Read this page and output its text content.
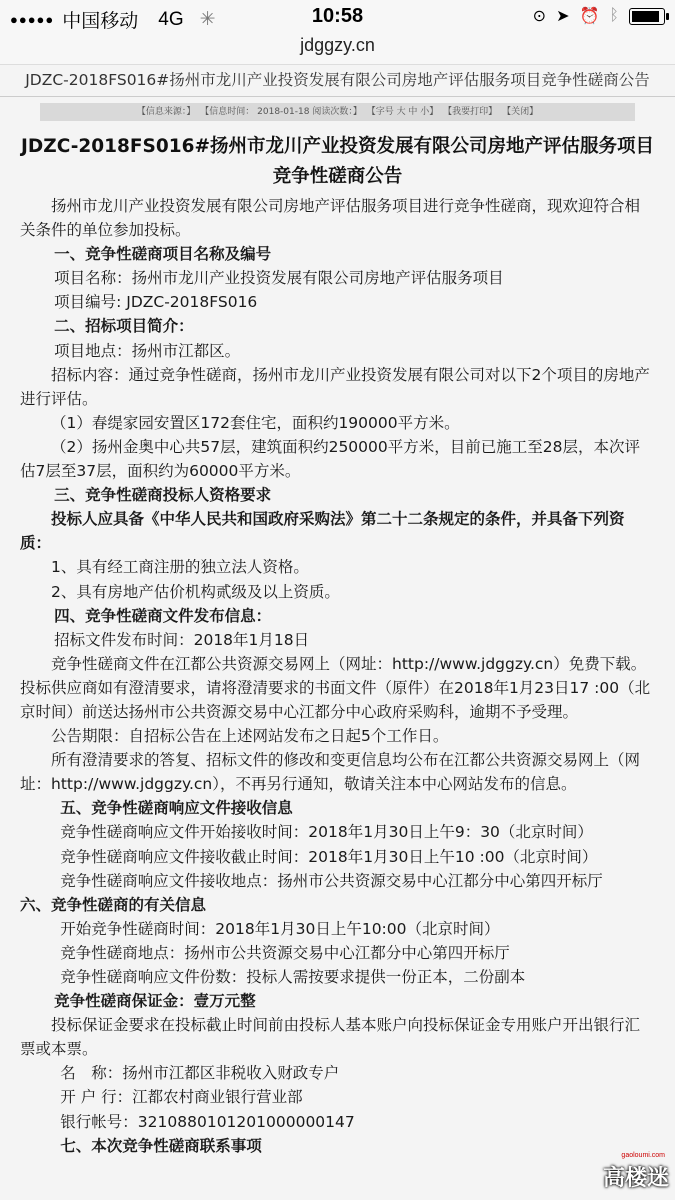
●●●●● 中国移动 4G ✳	10:58	⊙ ➤ ⏰ ᛒ
jdggzy.cn
JDZC-2018FS016#扬州市龙川产业投资发展有限公司房地产评估服务项目竞争性磋商公告
【信息来源：】 【信息时间： 2018-01-18 阅读次数：】 【字号 大 中 小】 【我要打印】 【关闭】
JDZC-2018FS016#扬州市龙川产业投资发展有限公司房地产评估服务项目竞争性磋商公告

扬州市龙川产业投资发展有限公司房地产评估服务项目进行竞争性磋商，现欢迎符合相关条件的单位参加投标。

一、竞争性磋商项目名称及编号

项目名称：扬州市龙川产业投资发展有限公司房地产评估服务项目

项目编号: JDZC-2018FS016

二、招标项目简介：

项目地点：扬州市江都区。

招标内容：通过竞争性磋商，扬州市龙川产业投资发展有限公司对以下2个项目的房地产进行评估。

（1）春缇家园安置区172套住宅，面积约190000平方米。

（2）扬州金奥中心共57层，建筑面积约250000平方米，目前已施工至28层，本次评估7层至37层，面积约为60000平方米。

三、竞争性磋商投标人资格要求

投标人应具备《中华人民共和国政府采购法》第二十二条规定的条件，并具备下列资质：

1、具有经工商注册的独立法人资格。

2、具有房地产估价机构贰级及以上资质。

四、竞争性磋商文件发布信息：

招标文件发布时间：2018年1月18日

竞争性磋商文件在江都公共资源交易网上（网址：http://www.jdggzy.cn）免费下载。投标供应商如有澄清要求，请将澄清要求的书面文件（原件）在2018年1月23日17 :00（北京时间）前送达扬州市公共资源交易中心江都分中心政府采购科，逾期不予受理。

公告期限：自招标公告在上述网站发布之日起5个工作日。

所有澄清要求的答复、招标文件的修改和变更信息均公布在江都公共资源交易网上（网址：http://www.jdggzy.cn），不再另行通知，敬请关注本中心网站发布的信息。

五、竞争性磋商响应文件接收信息

竞争性磋商响应文件开始接收时间：2018年1月30日上午9：30（北京时间）

竞争性磋商响应文件接收截止时间：2018年1月30日上午10 :00（北京时间）

竞争性磋商响应文件接收地点：扬州市公共资源交易中心江都分中心第四开标厅

六、竞争性磋商的有关信息

开始竞争性磋商时间：2018年1月30日上午10:00（北京时间）

竞争性磋商地点：扬州市公共资源交易中心江都分中心第四开标厅

竞争性磋商响应文件份数：投标人需按要求提供一份正本，二份副本

竞争性磋商保证金：壹万元整

投标保证金要求在投标截止时间前由投标人基本账户向投标保证金专用账户开出银行汇票或本票。

名　称：扬州市江都区非税收入财政专户

开 户 行：江都农村商业银行营业部

银行帐号：3210880101201000000147

七、本次竞争性磋商联系事项

gaoloumi.com
高楼迷
